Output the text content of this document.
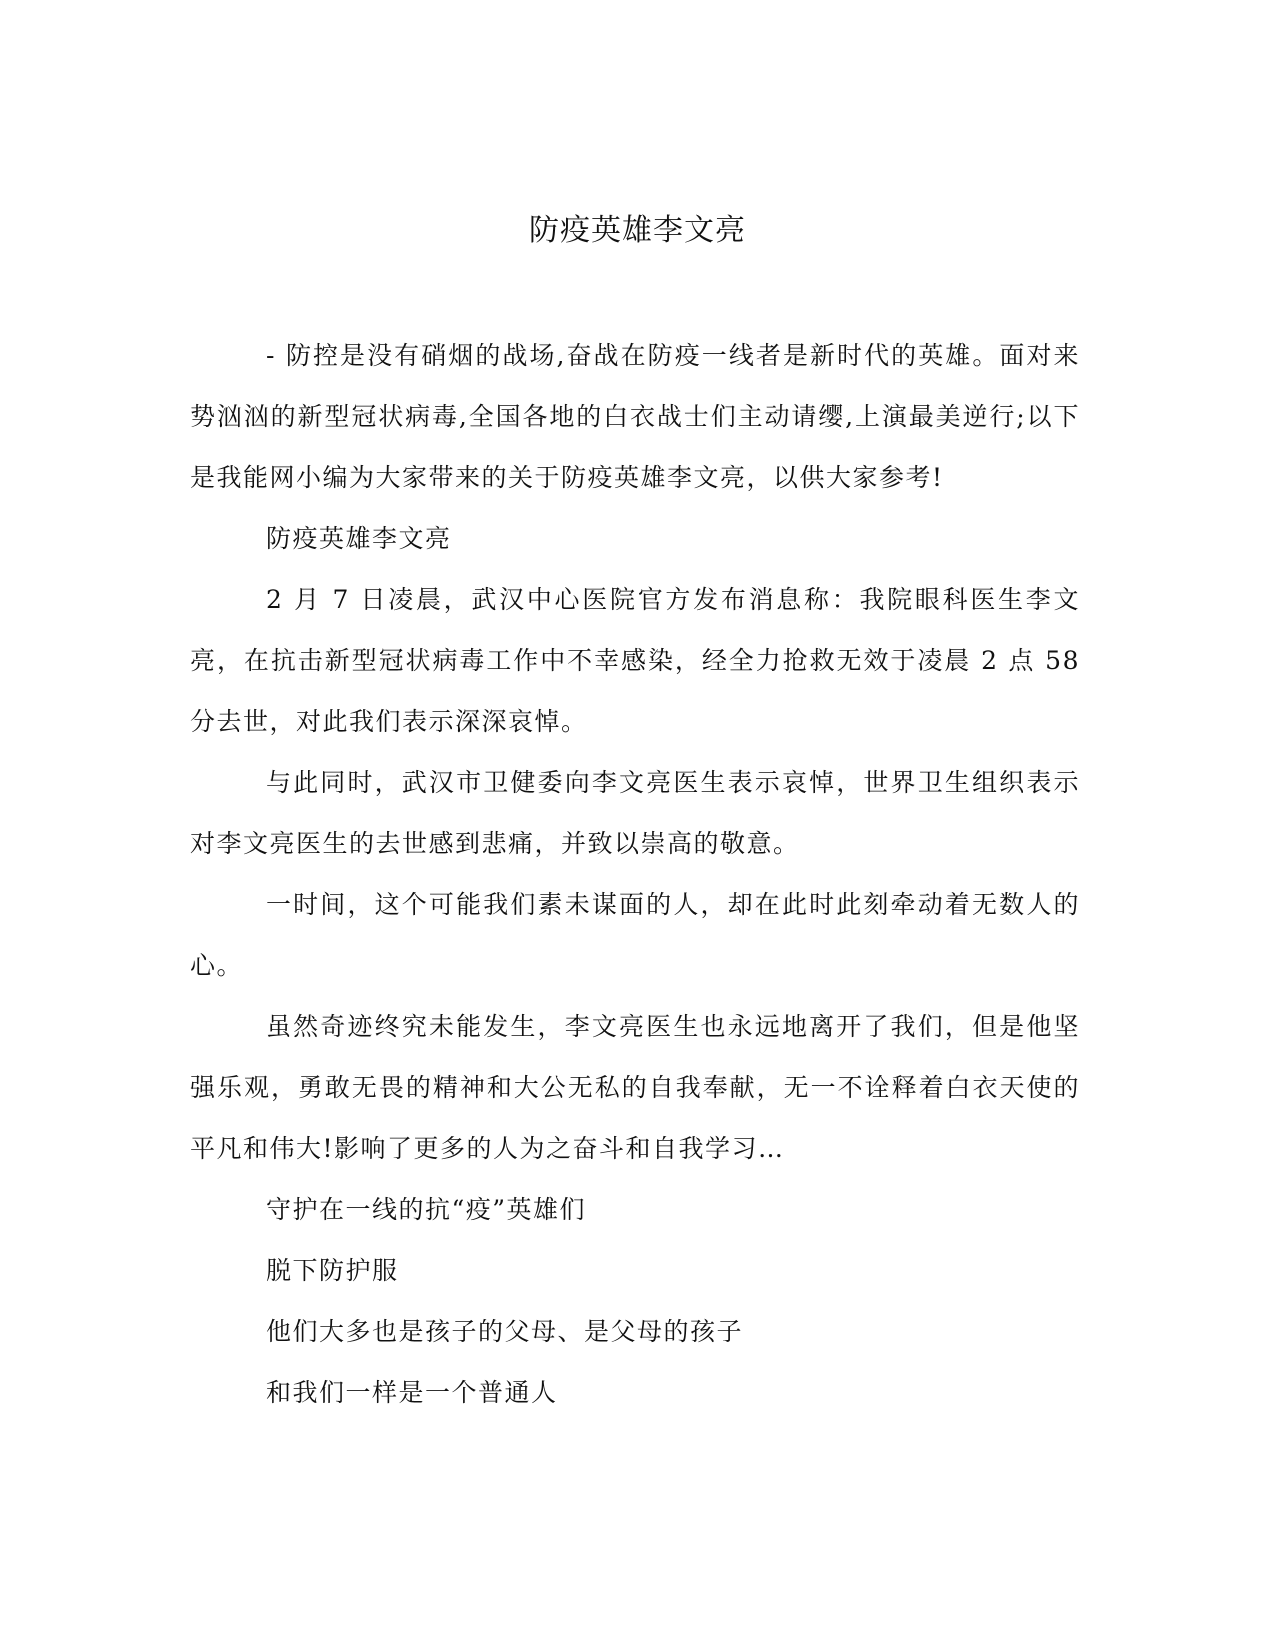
防疫英雄李文亮

- 防控是没有硝烟的战场,奋战在防疫一线者是新时代的英雄。面对来势汹汹的新型冠状病毒,全国各地的白衣战士们主动请缨,上演最美逆行;以下是我能网小编为大家带来的关于防疫英雄李文亮，以供大家参考!

防疫英雄李文亮

2 月 7 日凌晨，武汉中心医院官方发布消息称：我院眼科医生李文亮，在抗击新型冠状病毒工作中不幸感染，经全力抢救无效于凌晨 2 点 58 分去世，对此我们表示深深哀悼。

与此同时，武汉市卫健委向李文亮医生表示哀悼，世界卫生组织表示对李文亮医生的去世感到悲痛，并致以崇高的敬意。

一时间，这个可能我们素未谋面的人，却在此时此刻牵动着无数人的心。

虽然奇迹终究未能发生，李文亮医生也永远地离开了我们，但是他坚强乐观，勇敢无畏的精神和大公无私的自我奉献，无一不诠释着白衣天使的平凡和伟大!影响了更多的人为之奋斗和自我学习…

守护在一线的抗“疫”英雄们

脱下防护服

他们大多也是孩子的父母、是父母的孩子

和我们一样是一个普通人
